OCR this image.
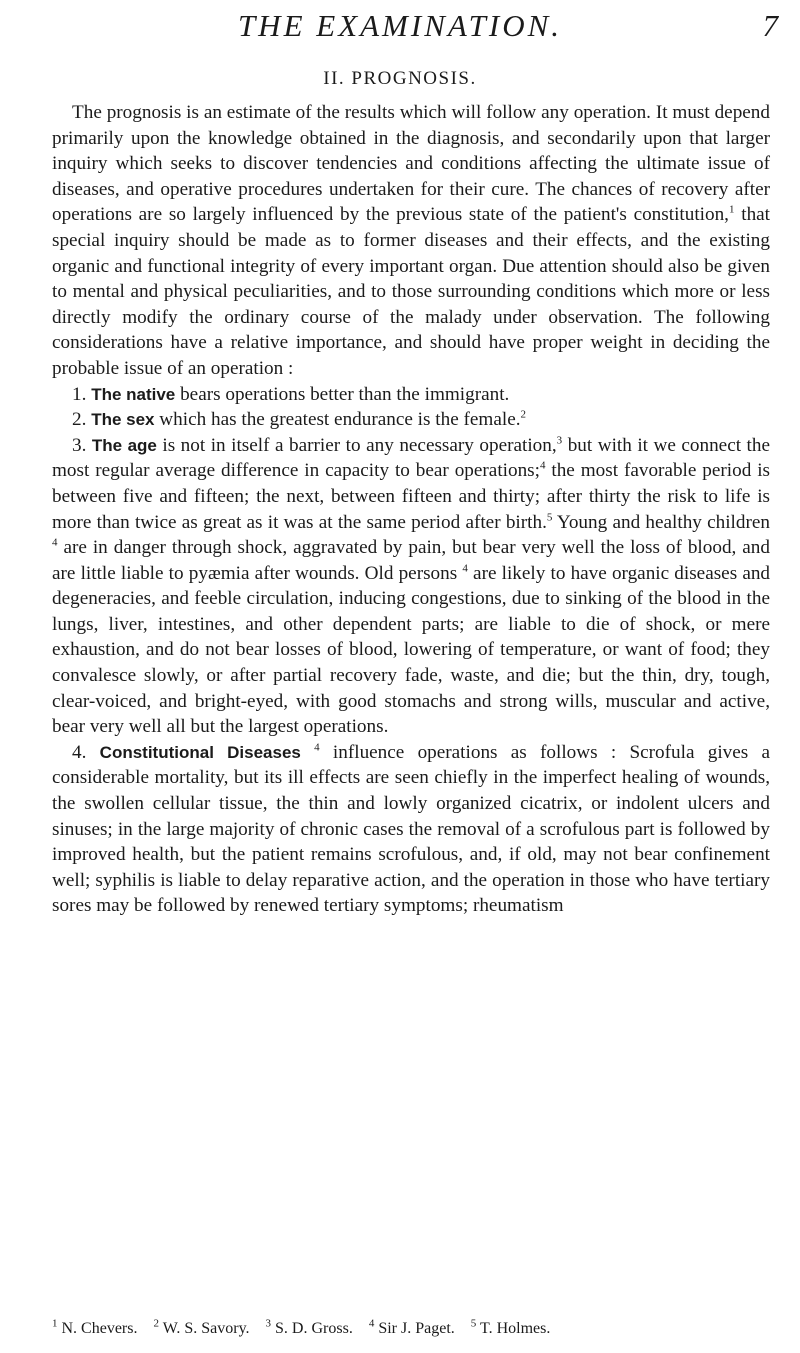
THE EXAMINATION.	7
II. PROGNOSIS.

The prognosis is an estimate of the results which will follow any operation. It must depend primarily upon the knowledge obtained in the diagnosis, and secondarily upon that larger inquiry which seeks to discover tendencies and conditions affecting the ultimate issue of diseases, and operative procedures undertaken for their cure. The chances of recovery after operations are so largely influenced by the previous state of the patient's constitution,$^1$ that special inquiry should be made as to former diseases and their effects, and the existing organic and functional integrity of every important organ. Due attention should also be given to mental and physical peculiarities, and to those surrounding conditions which more or less directly modify the ordinary course of the malady under observation. The following considerations have a relative importance, and should have proper weight in deciding the probable issue of an operation :

1. The native bears operations better than the immigrant.

2. The sex which has the greatest endurance is the female.$^2$

3. The age is not in itself a barrier to any necessary operation,$^3$ but with it we connect the most regular average difference in capacity to bear operations;$^4$ the most favorable period is between five and fifteen; the next, between fifteen and thirty; after thirty the risk to life is more than twice as great as it was at the same period after birth.$^5$ Young and healthy children $^4$ are in danger through shock, aggravated by pain, but bear very well the loss of blood, and are little liable to pyæmia after wounds. Old persons $^4$ are likely to have organic diseases and degeneracies, and feeble circulation, inducing congestions, due to sinking of the blood in the lungs, liver, intestines, and other dependent parts; are liable to die of shock, or mere exhaustion, and do not bear losses of blood, lowering of temperature, or want of food; they convalesce slowly, or after partial recovery fade, waste, and die; but the thin, dry, tough, clear-voiced, and bright-eyed, with good stomachs and strong wills, muscular and active, bear very well all but the largest operations.

4. Constitutional Diseases $^4$ influence operations as follows : Scrofula gives a considerable mortality, but its ill effects are seen chiefly in the imperfect healing of wounds, the swollen cellular tissue, the thin and lowly organized cicatrix, or indolent ulcers and sinuses; in the large majority of chronic cases the removal of a scrofulous part is followed by improved health, but the patient remains scrofulous, and, if old, may not bear confinement well; syphilis is liable to delay reparative action, and the operation in those who have tertiary sores may be followed by renewed tertiary symptoms; rheumatism

$^1$ N. Chevers. $^2$ W. S. Savory. $^3$ S. D. Gross. $^4$ Sir J. Paget. $^5$ T. Holmes.
